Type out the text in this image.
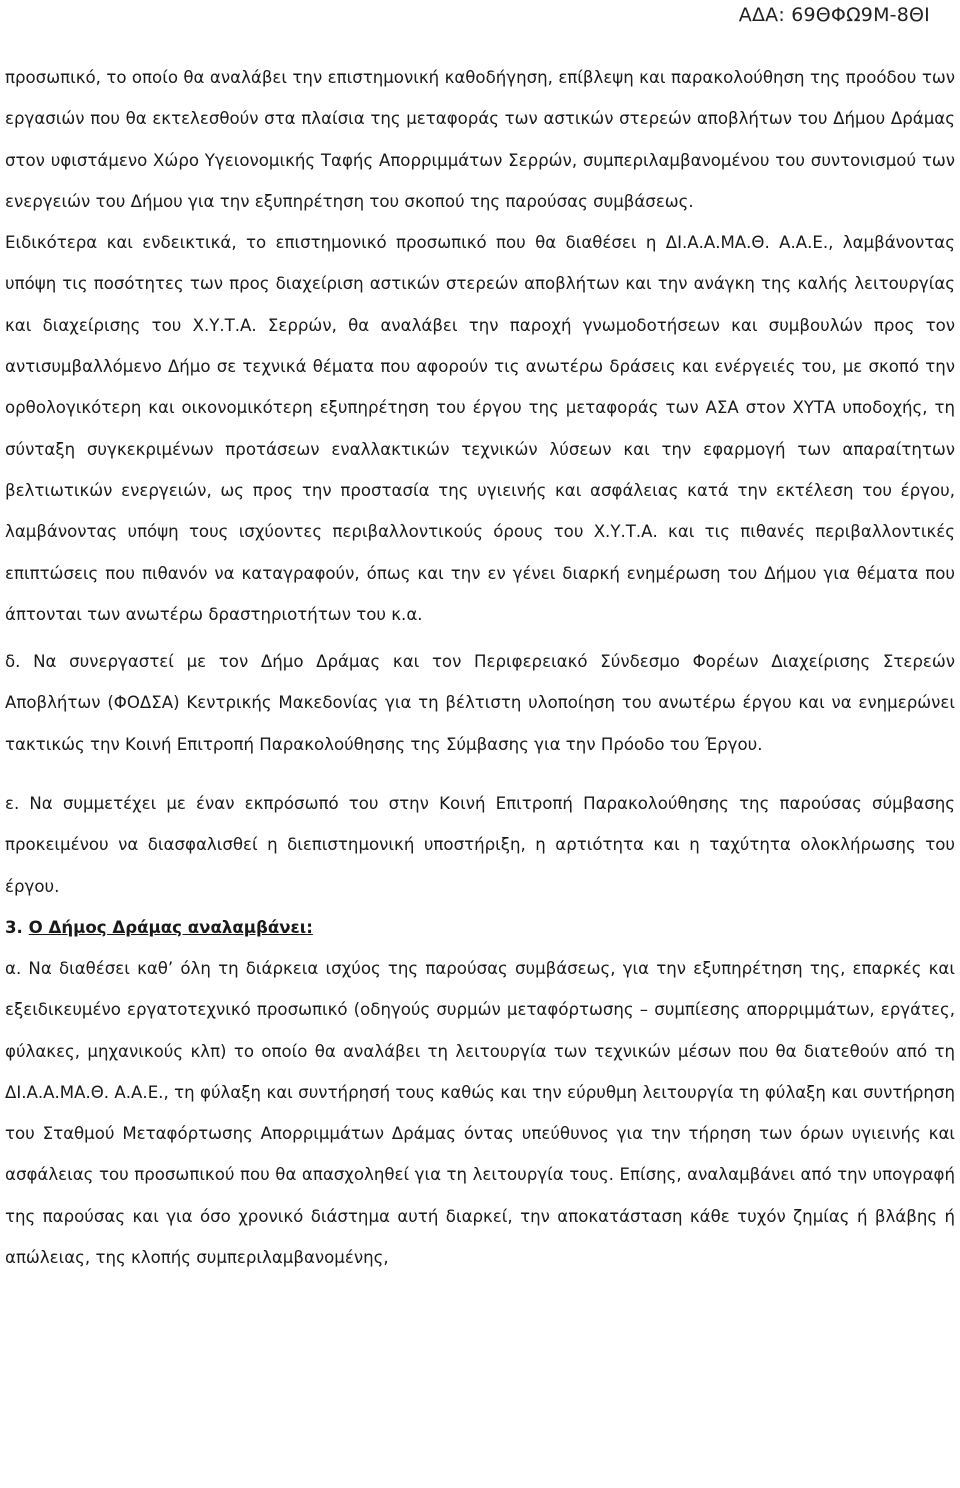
ΑΔΑ: 69ΘΦΩ9Μ-8ΘΙ

προσωπικό, το οποίο θα αναλάβει την επιστημονική καθοδήγηση, επίβλεψη και παρακολούθηση της προόδου των εργασιών που θα εκτελεσθούν στα πλαίσια της μεταφοράς των αστικών στερεών αποβλήτων του Δήμου Δράμας στον υφιστάμενο Χώρο Υγειονομικής Ταφής Απορριμμάτων Σερρών, συμπεριλαμβανομένου του συντονισμού των ενεργειών του Δήμου για την εξυπηρέτηση του σκοπού της παρούσας συμβάσεως.

Ειδικότερα και ενδεικτικά, το επιστημονικό προσωπικό που θα διαθέσει η ΔΙ.Α.Α.ΜΑ.Θ. Α.Α.Ε., λαμβάνοντας υπόψη τις ποσότητες των προς διαχείριση αστικών στερεών αποβλήτων και την ανάγκη της καλής λειτουργίας και διαχείρισης του Χ.Υ.Τ.Α. Σερρών, θα αναλάβει την παροχή γνωμοδοτήσεων και συμβουλών προς τον αντισυμβαλλόμενο Δήμο σε τεχνικά θέματα που αφορούν τις ανωτέρω δράσεις και ενέργειές του, με σκοπό την ορθολογικότερη και οικονομικότερη εξυπηρέτηση του έργου της μεταφοράς των ΑΣΑ στον ΧΥΤΑ υποδοχής, τη σύνταξη συγκεκριμένων προτάσεων εναλλακτικών τεχνικών λύσεων και την εφαρμογή των απαραίτητων βελτιωτικών ενεργειών, ως προς την προστασία της υγιεινής και ασφάλειας κατά την εκτέλεση του έργου, λαμβάνοντας υπόψη τους ισχύοντες περιβαλλοντικούς όρους του Χ.Υ.Τ.Α. και τις πιθανές περιβαλλοντικές επιπτώσεις που πιθανόν να καταγραφούν, όπως και την εν γένει διαρκή ενημέρωση του Δήμου για θέματα που άπτονται των ανωτέρω δραστηριοτήτων του κ.α.

δ. Να συνεργαστεί με τον Δήμο Δράμας και τον Περιφερειακό Σύνδεσμο Φορέων Διαχείρισης Στερεών Αποβλήτων (ΦΟΔΣΑ) Κεντρικής Μακεδονίας για τη βέλτιστη υλοποίηση του ανωτέρω έργου και να ενημερώνει τακτικώς την Κοινή Επιτροπή Παρακολούθησης της Σύμβασης για την Πρόοδο του Έργου.

ε. Να συμμετέχει με έναν εκπρόσωπό του στην Κοινή Επιτροπή Παρακολούθησης της παρούσας σύμβασης προκειμένου να διασφαλισθεί η διεπιστημονική υποστήριξη, η αρτιότητα και η ταχύτητα ολοκλήρωσης του έργου.

3. Ο Δήμος Δράμας αναλαμβάνει:

α. Να διαθέσει καθ’ όλη τη διάρκεια ισχύος της παρούσας συμβάσεως, για την εξυπηρέτηση της, επαρκές και εξειδικευμένο εργατοτεχνικό προσωπικό (οδηγούς συρμών μεταφόρτωσης – συμπίεσης απορριμμάτων, εργάτες, φύλακες, μηχανικούς κλπ) το οποίο θα αναλάβει τη λειτουργία των τεχνικών μέσων που θα διατεθούν από τη ΔΙ.Α.Α.ΜΑ.Θ. Α.Α.Ε., τη φύλαξη και συντήρησή τους καθώς και την εύρυθμη λειτουργία τη φύλαξη και συντήρηση του Σταθμού Μεταφόρτωσης Απορριμμάτων Δράμας όντας υπεύθυνος για την τήρηση των όρων υγιεινής και ασφάλειας του προσωπικού που θα απασχοληθεί για τη λειτουργία τους. Επίσης, αναλαμβάνει από την υπογραφή της παρούσας και για όσο χρονικό διάστημα αυτή διαρκεί, την αποκατάσταση κάθε τυχόν ζημίας ή βλάβης ή απώλειας, της κλοπής συμπεριλαμβανομένης,
